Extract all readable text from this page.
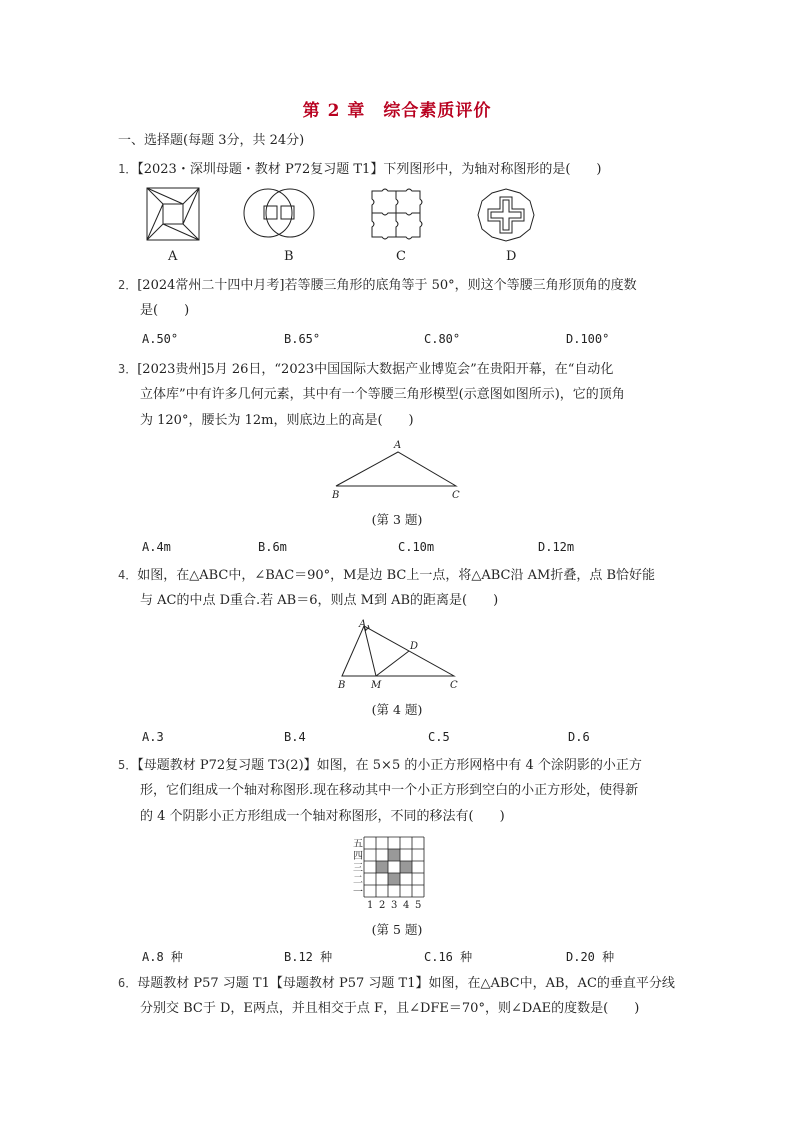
第 2 章　综合素质评价
一、选择题(每题 3分，共 24分)
1．【2023・深圳母题・教材 P72复习题 T1】下列图形中，为轴对称图形的是(　　)
A	B	C	D
2．[2024常州二十四中月考]若等腰三角形的底角等于 50°，则这个等腰三角形顶角的度数
是(　　)
A.50°	B.65°	C.80°	D.100°
3．[2023贵州]5月 26日，“2023中国国际大数据产业博览会”在贵阳开幕，在“自动化
立体库”中有许多几何元素，其中有一个等腰三角形模型(示意图如图所示)，它的顶角
为 120°，腰长为 12m，则底边上的高是(　　)
A
B	C
(第 3 题)
A.4m	B.6m	C.10m	D.12m
4．如图，在△ABC中，∠BAC＝90°，M是边 BC上一点，将△ABC沿 AM折叠，点 B恰好能
与 AC的中点 D重合.若 AB＝6，则点 M到 AB的距离是(　　)
A
D
B	M	C
(第 4 题)
A.3	B.4	C.5	D.6
5．【母题教材 P72复习题 T3(2)】如图，在 5×5 的小正方形网格中有 4 个涂阴影的小正方
形，它们组成一个轴对称图形.现在移动其中一个小正方形到空白的小正方形处，使得新
的 4 个阴影小正方形组成一个轴对称图形，不同的移法有(　　)
五
四
三
二
一
1 2 3 4 5
(第 5 题)
A.8 种	B.12 种	C.16 种	D.20 种
6．母题教材 P57 习题 T1【母题教材 P57 习题 T1】如图，在△ABC中，AB，AC的垂直平分线
分别交 BC于 D，E两点，并且相交于点 F，且∠DFE＝70°，则∠DAE的度数是(　　)
